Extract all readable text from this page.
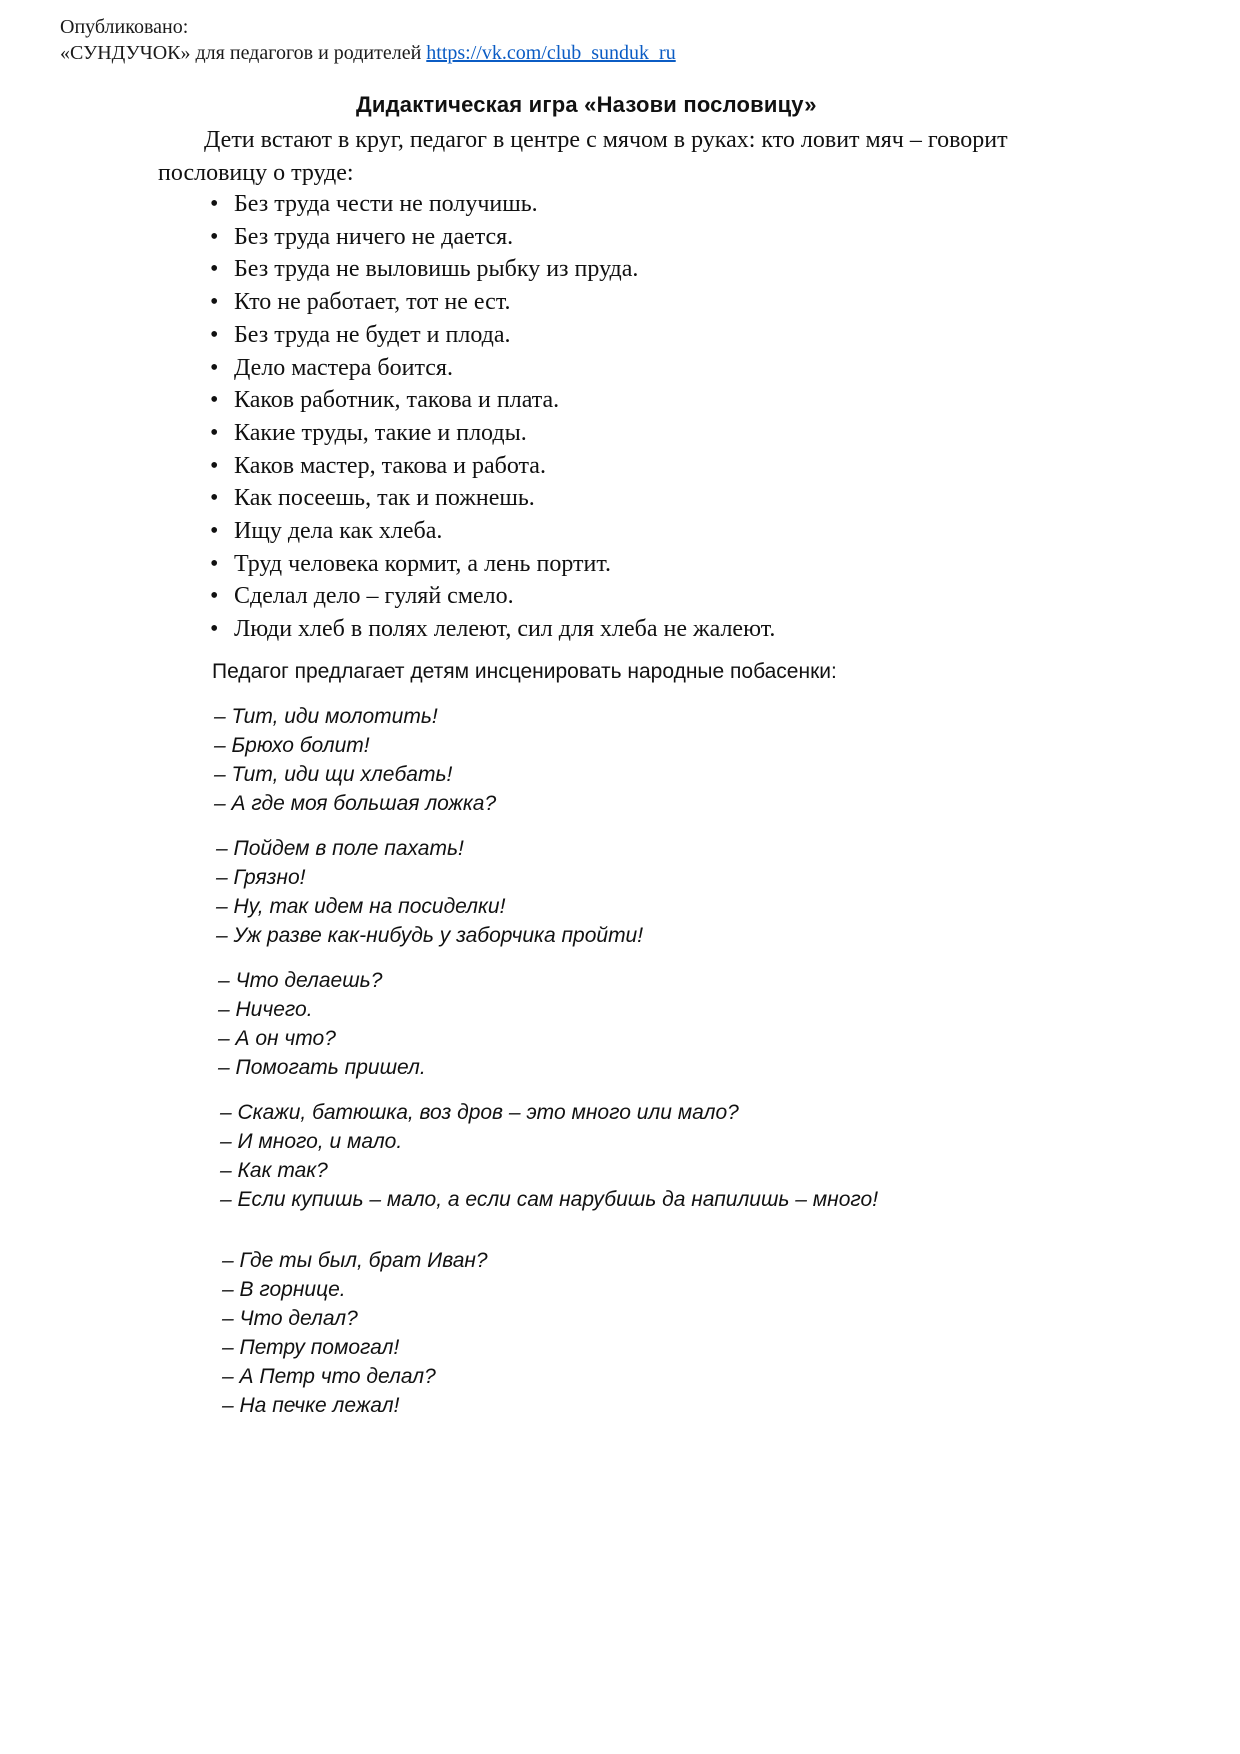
Опубликовано:
«СУНДУЧОК» для педагогов и родителей https://vk.com/club_sunduk_ru
Дидактическая игра «Назови пословицу»
Дети встают в круг, педагог в центре с мячом в руках: кто ловит мяч – говорит пословицу о труде:
• Без труда чести не получишь.
• Без труда ничего не дается.
• Без труда не выловишь рыбку из пруда.
• Кто не работает, тот не ест.
• Без труда не будет и плода.
• Дело мастера боится.
• Каков работник, такова и плата.
• Какие труды, такие и плоды.
• Каков мастер, такова и работа.
• Как посеешь, так и пожнешь.
• Ищу дела как хлеба.
• Труд человека кормит, а лень портит.
• Сделал дело – гуляй смело.
• Люди хлеб в полях лелеют, сил для хлеба не жалеют.
Педагог предлагает детям инсценировать народные побасенки:
– Тит, иди молотить!
– Брюхо болит!
– Тит, иди щи хлебать!
– А где моя большая ложка?
– Пойдем в поле пахать!
– Грязно!
– Ну, так идем на посиделки!
– Уж разве как-нибудь у заборчика пройти!
– Что делаешь?
– Ничего.
– А он что?
– Помогать пришел.
– Скажи, батюшка, воз дров – это много или мало?
– И много, и мало.
– Как так?
– Если купишь – мало, а если сам нарубишь да напилишь – много!
– Где ты был, брат Иван?
– В горнице.
– Что делал?
– Петру помогал!
– А Петр что делал?
– На печке лежал!
